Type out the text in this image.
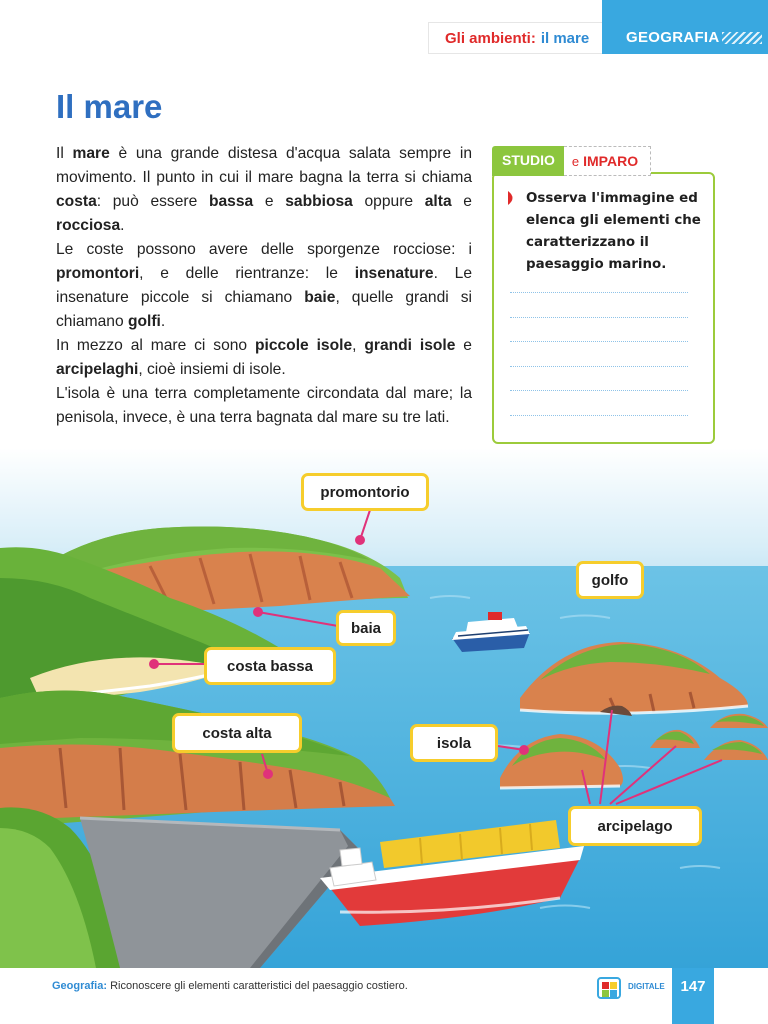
Gli ambienti: il mare GEOGRAFIA
Il mare

Il mare è una grande distesa d'acqua salata sempre in movimento. Il punto in cui il mare bagna la terra si chiama costa: può essere bassa e sabbiosa oppure alta e rocciosa.

Le coste possono avere delle sporgenze rocciose: i promontori, e delle rientranze: le insenature. Le insenature piccole si chiamano baie, quelle grandi si chiamano golfi.

In mezzo al mare ci sono piccole isole, grandi isole e arcipelaghi, cioè insiemi di isole.

L'isola è una terra completamente circondata dal mare; la penisola, invece, è una terra bagnata dal mare su tre lati.

STUDIO	e IMPARO
Osserva l'immagine ed elenca gli elementi che caratterizzano il paesaggio marino.
promontorio
golfo
baia
costa bassa
costa alta
isola
arcipelago
Geografia: Riconoscere gli elementi caratteristici del paesaggio costiero.	DIGITALE	147
